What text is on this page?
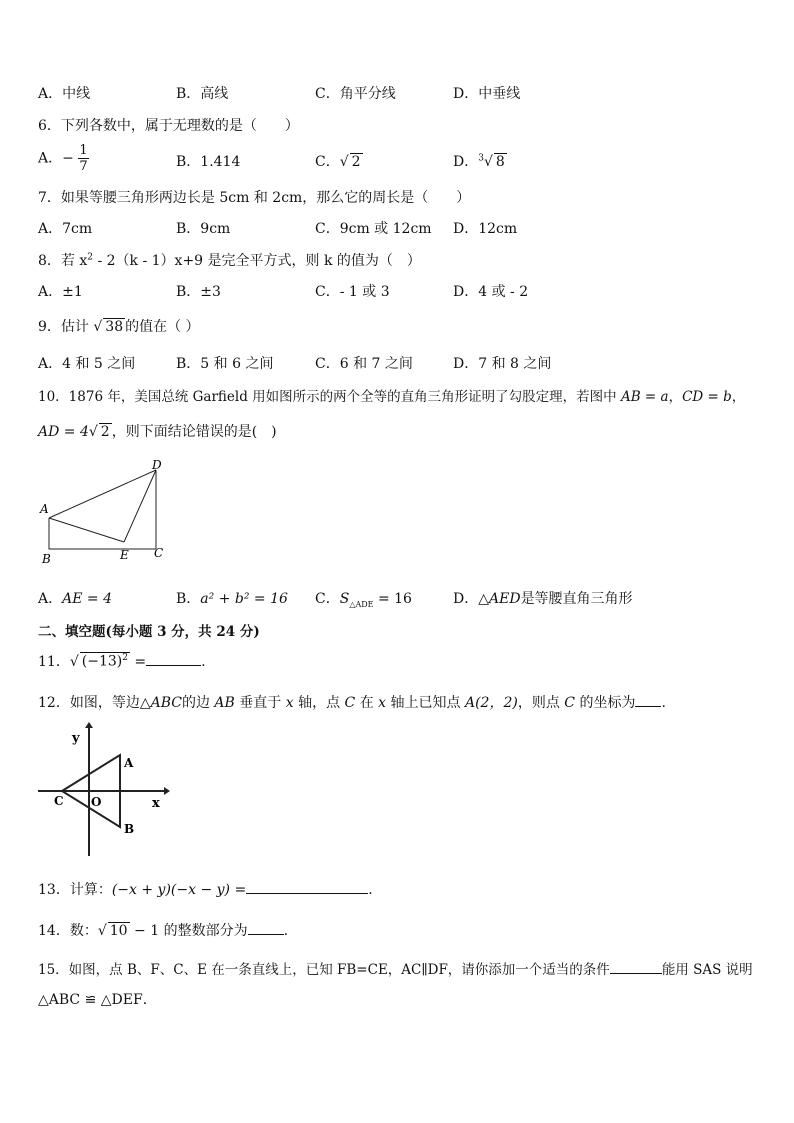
A．中线	B．高线	C．角平分线	D．中垂线
6．下列各数中，属于无理数的是（　　）
A．− $\frac{1}{7}$	B．1.414	C．√ 2	D．$^3$√ 8
7．如果等腰三角形两边长是 5cm 和 2cm，那么它的周长是（　　）
A．7cm	B．9cm	C．9cm 或 12cm D．12cm
8．若 $x^2 - 2(k - 1)x+9$ 是完全平方式，则 k 的值为（　）
A．±1	B．±3	C．- 1 或 3	D．4 或 - 2
9．估计 √ 38 的值在（ ）
A．4 和 5 之间	B．5 和 6 之间	C．6 和 7 之间	D．7 和 8 之间
10．1876 年，美国总统 Garfield 用如图所示的两个全等的直角三角形证明了勾股定理，若图中 AB = a，CD = b，
AD = 4√ 2 ，则下面结论错误的是(　)
A
B	E C
D
A．AE = 4	B．a² + b² = 16 C．$S_{\triangle ADE} = 16$	D．△AED是等腰直角三角形
二、填空题(每小题 3 分，共 24 分)
11．√ $(-13)^2$ =	.
12．如图，等边△ABC的边 AB 垂直于 x 轴，点 C 在 x 轴上已知点 A(2，2)，则点 C 的坐标为 .
y
x
A
B
C O
13．计算：(−x + y)(−x − y) =	.
14．数：√ 10 − 1 的整数部分为	.
15．如图，点 B、F、C、E 在一条直线上，已知 FB=CE，AC∥DF，请你添加一个适当的条件	能用 SAS 说明
△ABC ≌ △DEF．
